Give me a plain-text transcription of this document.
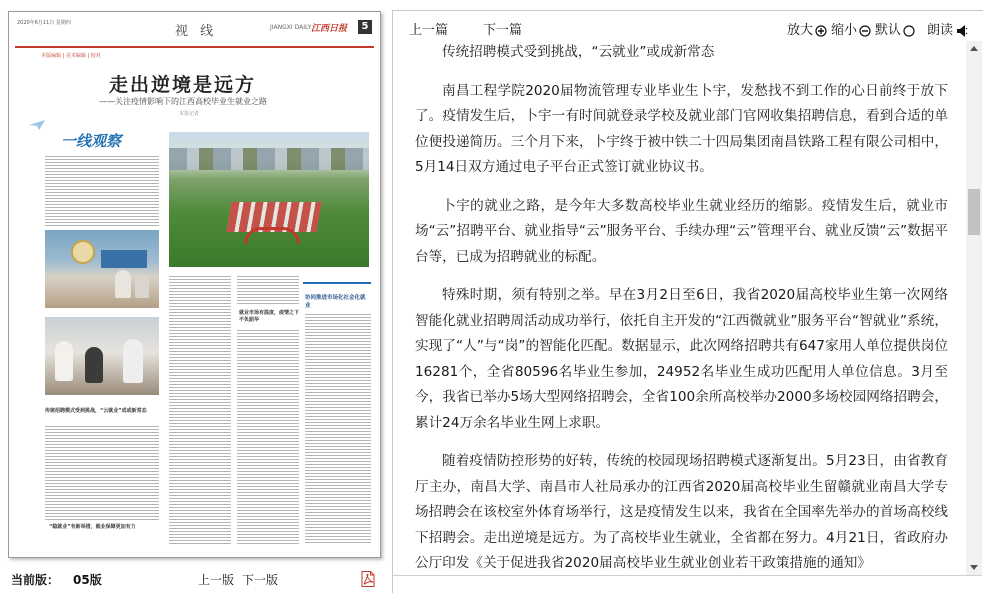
2020年6月11日 星期四
视 线	JIANGXI DAILY 江西日报	5
本版编辑 | 美术编辑 | 校对
走出逆境是远方
——关注疫情影响下的江西高校毕业生就业之路
本报记者
一线观察
协同推进市场化社会化就业
传统招聘模式受到挑战，“云就业”成或新常态
“稳就业”有新举措，就业保障更加有力
就业市场有温度，疫情之下不负韶华
当前版： 05版	上一版 下一版
上一篇	下一篇	放大	缩小	默认	朗读

传统招聘模式受到挑战，“云就业”或成新常态

南昌工程学院2020届物流管理专业毕业生卜宇，发愁找不到工作的心日前终于放下了。疫情发生后，卜宇一有时间就登录学校及就业部门官网收集招聘信息，看到合适的单位便投递简历。三个月下来，卜宇终于被中铁二十四局集团南昌铁路工程有限公司相中，5月14日双方通过电子平台正式签订就业协议书。

卜宇的就业之路，是今年大多数高校毕业生就业经历的缩影。疫情发生后，就业市场“云”招聘平台、就业指导“云”服务平台、手续办理“云”管理平台、就业反馈“云”数据平台等，已成为招聘就业的标配。

特殊时期，须有特别之举。早在3月2日至6日，我省2020届高校毕业生第一次网络智能化就业招聘周活动成功举行，依托自主开发的“江西微就业”服务平台“智就业”系统，实现了“人”与“岗”的智能化匹配。数据显示，此次网络招聘共有647家用人单位提供岗位16281个，全省80596名毕业生参加，24952名毕业生成功匹配用人单位信息。3月至今，我省已举办5场大型网络招聘会，全省100余所高校举办2000多场校园网络招聘会，累计24万余名毕业生网上求职。

随着疫情防控形势的好转，传统的校园现场招聘模式逐渐复出。5月23日，由省教育厅主办，南昌大学、南昌市人社局承办的江西省2020届高校毕业生留赣就业南昌大学专场招聘会在该校室外体育场举行，这是疫情发生以来，我省在全国率先举办的首场高校线下招聘会。走出逆境是远方。为了高校毕业生就业，全省都在努力。4月21日，省政府办公厅印发《关于促进我省2020届高校毕业生就业创业若干政策措施的通知》
